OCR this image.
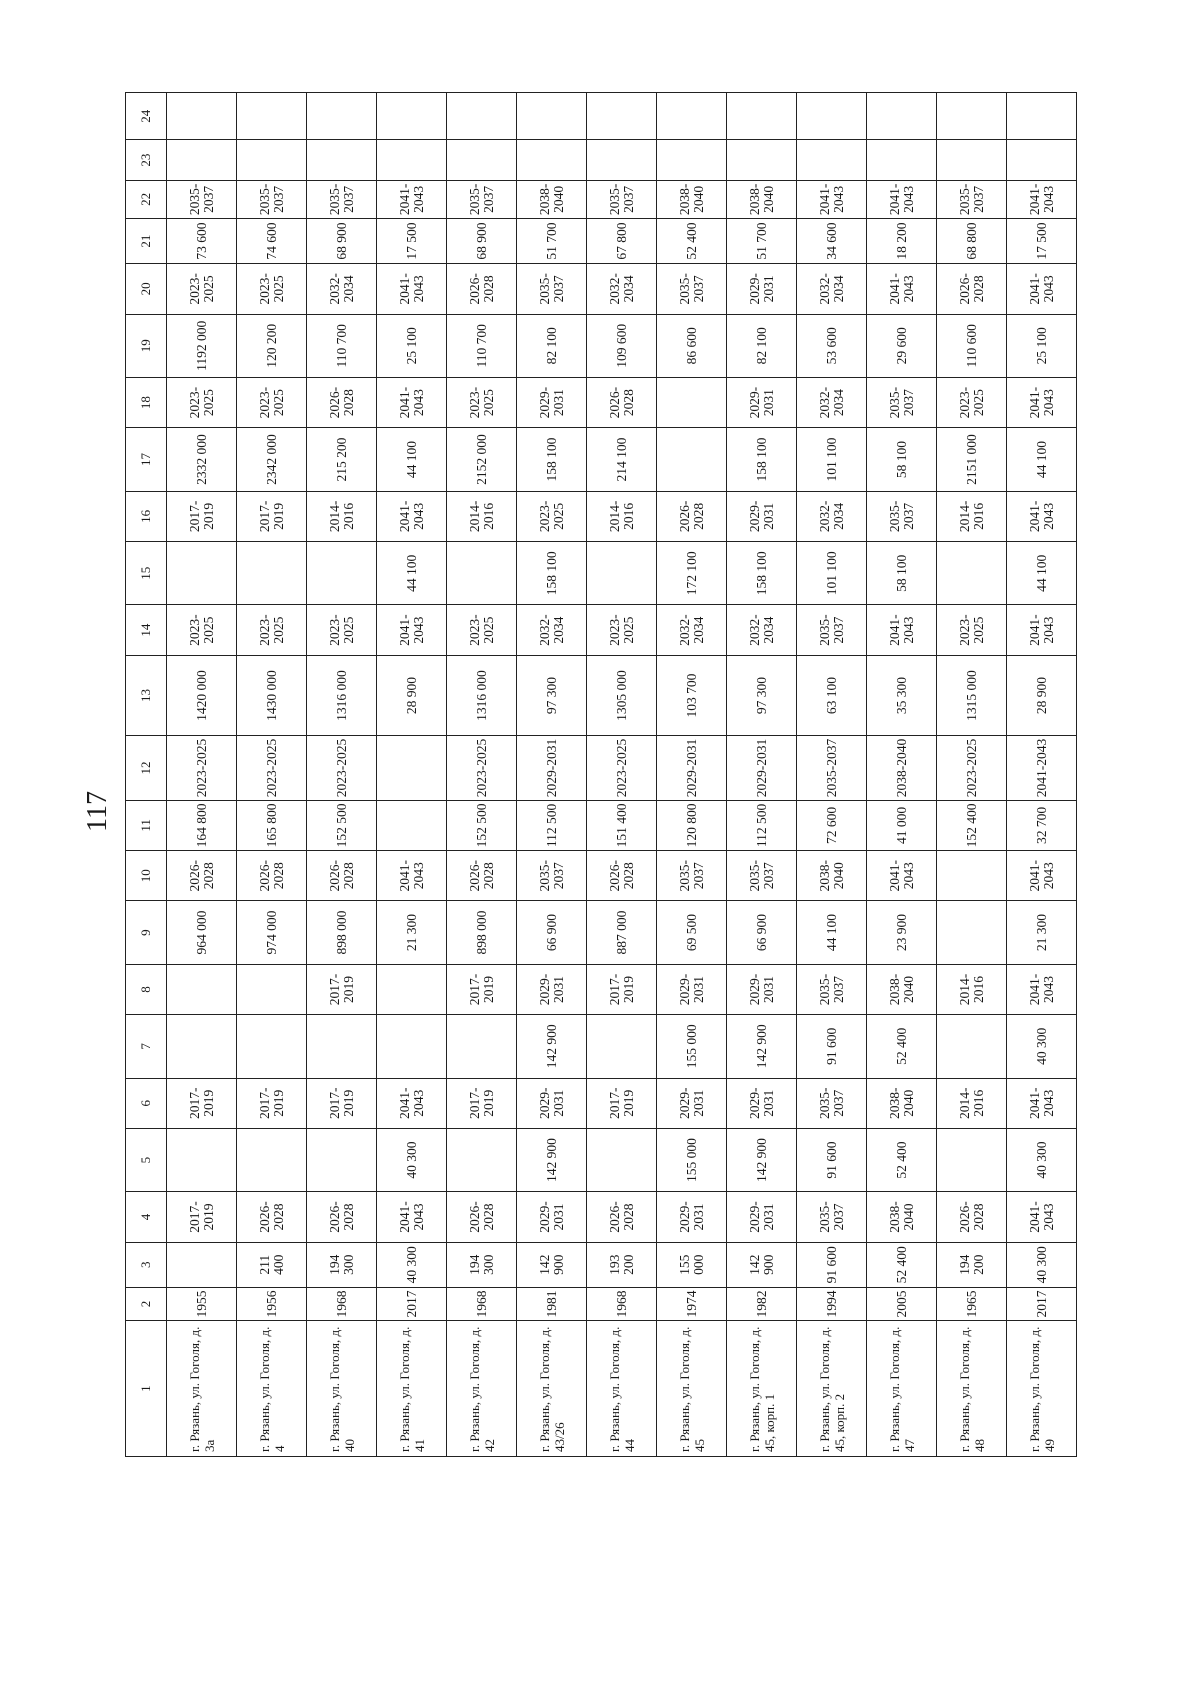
117
1	2	3	4	5	6	7	8	9	10	11	12	13	14	15	16	17	18	19	20	21	22	23	24
г. Рязань, ул. Гоголя, д. 3а	1955		2017-2019		2017-2019			964 000	2026-2028	164 800	2023-2025	1420 000	2023-2025		2017-2019	2332 000	2023-2025	1192 000	2023-2025	73 600	2035-2037		
г. Рязань, ул. Гоголя, д. 4	1956	211 400	2026-2028		2017-2019			974 000	2026-2028	165 800	2023-2025	1430 000	2023-2025		2017-2019	2342 000	2023-2025	120 200	2023-2025	74 600	2035-2037		
г. Рязань, ул. Гоголя, д. 40	1968	194 300	2026-2028		2017-2019		2017-2019	898 000	2026-2028	152 500	2023-2025	1316 000	2023-2025		2014-2016	215 200	2026-2028	110 700	2032-2034	68 900	2035-2037		
г. Рязань, ул. Гоголя, д. 41	2017	40 300	2041-2043	40 300	2041-2043			21 300	2041-2043			28 900	2041-2043	44 100	2041-2043	44 100	2041-2043	25 100	2041-2043	17 500	2041-2043		
г. Рязань, ул. Гоголя, д. 42	1968	194 300	2026-2028		2017-2019		2017-2019	898 000	2026-2028	152 500	2023-2025	1316 000	2023-2025		2014-2016	2152 000	2023-2025	110 700	2026-2028	68 900	2035-2037		
г. Рязань, ул. Гоголя, д. 43/26	1981	142 900	2029-2031	142 900	2029-2031	142 900	2029-2031	66 900	2035-2037	112 500	2029-2031	97 300	2032-2034	158 100	2023-2025	158 100	2029-2031	82 100	2035-2037	51 700	2038-2040		
г. Рязань, ул. Гоголя, д. 44	1968	193 200	2026-2028		2017-2019		2017-2019	887 000	2026-2028	151 400	2023-2025	1305 000	2023-2025		2014-2016	214 100	2026-2028	109 600	2032-2034	67 800	2035-2037		
г. Рязань, ул. Гоголя, д. 45	1974	155 000	2029-2031	155 000	2029-2031	155 000	2029-2031	69 500	2035-2037	120 800	2029-2031	103 700	2032-2034	172 100	2026-2028			86 600	2035-2037	52 400	2038-2040		
г. Рязань, ул. Гоголя, д. 45, корп. 1	1982	142 900	2029-2031	142 900	2029-2031	142 900	2029-2031	66 900	2035-2037	112 500	2029-2031	97 300	2032-2034	158 100	2029-2031	158 100	2029-2031	82 100	2029-2031	51 700	2038-2040		
г. Рязань, ул. Гоголя, д. 45, корп. 2	1994	91 600	2035-2037	91 600	2035-2037	91 600	2035-2037	44 100	2038-2040	72 600	2035-2037	63 100	2035-2037	101 100	2032-2034	101 100	2032-2034	53 600	2032-2034	34 600	2041-2043		
г. Рязань, ул. Гоголя, д. 47	2005	52 400	2038-2040	52 400	2038-2040	52 400	2038-2040	23 900	2041-2043	41 000	2038-2040	35 300	2041-2043	58 100	2035-2037	58 100	2035-2037	29 600	2041-2043	18 200	2041-2043		
г. Рязань, ул. Гоголя, д. 48	1965	194 200	2026-2028		2014-2016		2014-2016			152 400	2023-2025	1315 000	2023-2025		2014-2016	2151 000	2023-2025	110 600	2026-2028	68 800	2035-2037		
г. Рязань, ул. Гоголя, д. 49	2017	40 300	2041-2043	40 300	2041-2043	40 300	2041-2043	21 300	2041-2043	32 700	2041-2043	28 900	2041-2043	44 100	2041-2043	44 100	2041-2043	25 100	2041-2043	17 500	2041-2043		
